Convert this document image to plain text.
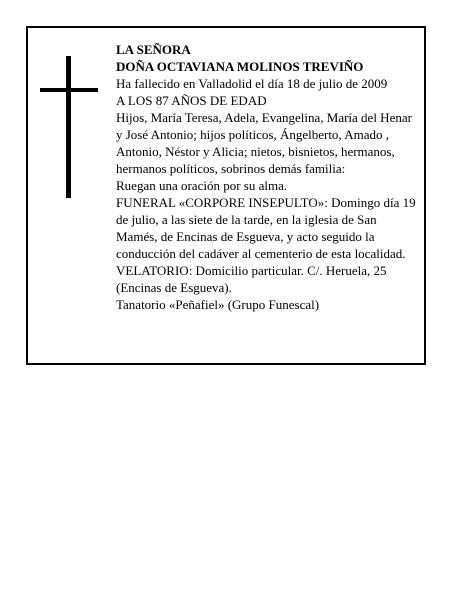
LA SEÑORA

DOÑA OCTAVIANA MOLINOS TREVIÑO

Ha fallecido en Valladolid el día 18 de julio de 2009

A LOS 87 AÑOS DE EDAD

Hijos, María Teresa, Adela, Evangelina, María del Henar y José Antonio; hijos políticos, Ángelberto, Amado , Antonio, Néstor y Alicia; nietos, bisnietos, hermanos, hermanos políticos, sobrinos demás familia:

Ruegan una oración por su alma.

FUNERAL «CORPORE INSEPULTO»: Domingo día 19 de julio, a las siete de la tarde, en la iglesia de San Mamés, de Encinas de Esgueva, y acto seguido la conducción del cadáver al cementerio de esta localidad.

VELATORIO: Domicilio particular. C/. Heruela, 25 (Encinas de Esgueva).

Tanatorio «Peñafiel» (Grupo Funescal)
